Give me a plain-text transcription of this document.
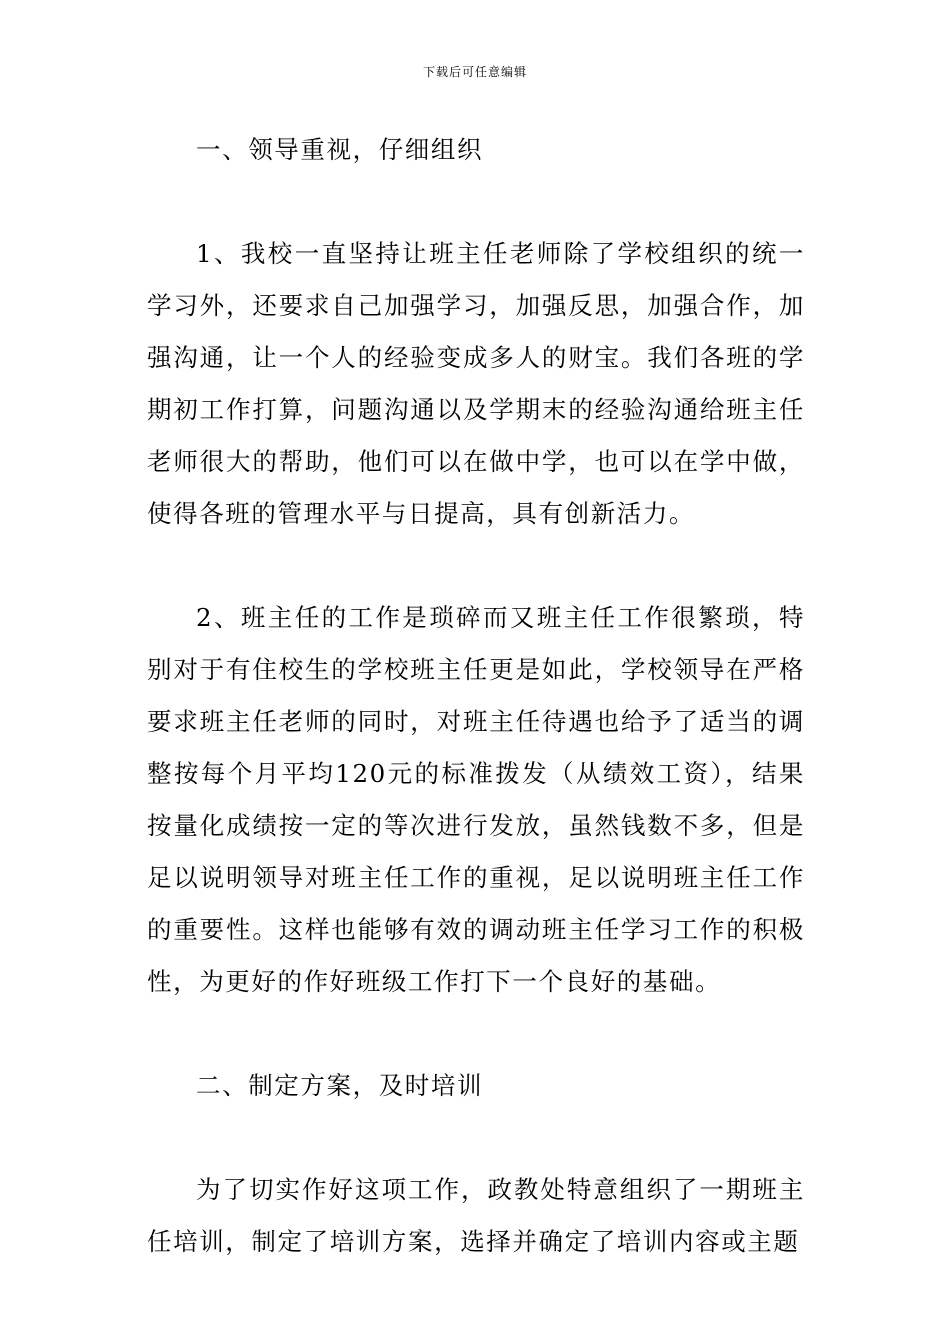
下载后可任意编辑

一、领导重视，仔细组织

1、我校一直坚持让班主任老师除了学校组织的统一学习外，还要求自己加强学习，加强反思，加强合作，加强沟通，让一个人的经验变成多人的财宝。我们各班的学期初工作打算，问题沟通以及学期末的经验沟通给班主任老师很大的帮助，他们可以在做中学，也可以在学中做，使得各班的管理水平与日提高，具有创新活力。

2、班主任的工作是琐碎而又班主任工作很繁琐，特别对于有住校生的学校班主任更是如此，学校领导在严格要求班主任老师的同时，对班主任待遇也给予了适当的调整按每个月平均120元的标准拨发（从绩效工资），结果按量化成绩按一定的等次进行发放，虽然钱数不多，但是足以说明领导对班主任工作的重视，足以说明班主任工作的重要性。这样也能够有效的调动班主任学习工作的积极性，为更好的作好班级工作打下一个良好的基础。

二、制定方案，及时培训

为了切实作好这项工作，政教处特意组织了一期班主任培训，制定了培训方案，选择并确定了培训内容或主题
